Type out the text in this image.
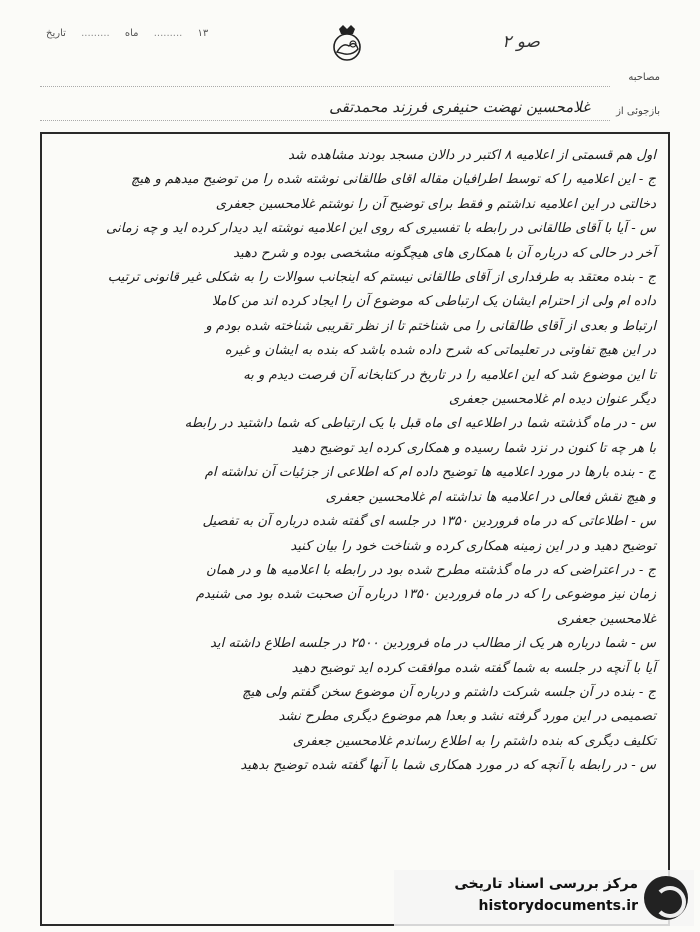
۱۳ ......... ماه ......... تاریخ	صو ٢
مصاحبه
بازجوئی از
غلامحسین نهضت حنیفری فرزند محمدتقی

اول هم قسمتی از اعلامیه ۸ اکتبر در دالان مسجد بودند مشاهده شد

ج - این اعلامیه را که توسط اطرافیان مقاله اقای طالقانی نوشته شده را من توضیح میدهم و هیچ

دخالتی در این اعلامیه نداشتم و فقط برای توضیح آن را نوشتم غلامحسین جعفری

س - آیا با آقای طالقانی در رابطه با تفسیری که روی این اعلامیه نوشته اید دیدار کرده اید و چه زمانی

آخر در حالی که درباره آن با همکاری های هیچگونه مشخصی بوده و شرح دهید

ج - بنده معتقد به طرفداری از آقای طالقانی نیستم که اینجانب سوالات را به شکلی غیر قانونی ترتیب

داده ام ولی از احترام ایشان یک ارتباطی که موضوع آن را ایجاد کرده اند من کاملا

ارتباط و بعدی از آقای طالقانی را می شناختم تا از نظر تقریبی شناخته شده بودم و

در این هیچ تفاوتی در تعلیماتی که شرح داده شده باشد که بنده به ایشان و غیره

تا این موضوع شد که این اعلامیه را در تاریخ در کتابخانه آن فرصت دیدم و به

دیگر عنوان دیده ام غلامحسین جعفری

س - در ماه گذشته شما در اطلاعیه ای ماه قبل با یک ارتباطی که شما داشتید در رابطه

با هر چه تا کنون در نزد شما رسیده و همکاری کرده اید توضیح دهید

ج - بنده بارها در مورد اعلامیه ها توضیح داده ام که اطلاعی از جزئیات آن نداشته ام

و هیچ نقش فعالی در اعلامیه ها نداشته ام غلامحسین جعفری

س - اطلاعاتی که در ماه فروردین ۱۳۵۰ در جلسه ای گفته شده درباره آن به تفصیل

توضیح دهید و در این زمینه همکاری کرده و شناخت خود را بیان کنید

ج - در اعتراضی که در ماه گذشته مطرح شده بود در رابطه با اعلامیه ها و در همان

زمان نیز موضوعی را که در ماه فروردین ۱۳۵۰ درباره آن صحبت شده بود می شنیدم

غلامحسین جعفری

س - شما درباره هر یک از مطالب در ماه فروردین ۲۵۰۰ در جلسه اطلاع داشته اید

آیا با آنچه در جلسه به شما گفته شده موافقت کرده اید توضیح دهید

ج - بنده در آن جلسه شرکت داشتم و درباره آن موضوع سخن گفتم ولی هیچ

تصمیمی در این مورد گرفته نشد و بعدا هم موضوع دیگری مطرح نشد

تکلیف دیگری که بنده داشتم را به اطلاع رساندم غلامحسین جعفری

س - در رابطه با آنچه که در مورد همکاری شما با آنها گفته شده توضیح بدهید

مرکز بررسی اسناد تاریخی
historydocuments.ir
